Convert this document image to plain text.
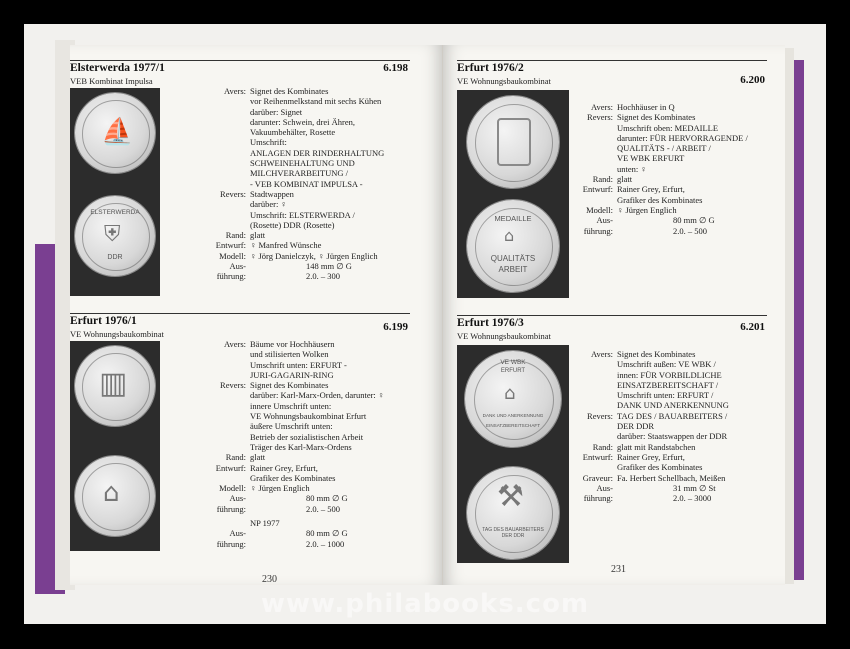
Elsterwerda 1977/1
VEB Kombinat Impulsa
6.198
⛵
ELSTERWERDA
⛨
DDR
Avers: Signet des Kombinates
vor Reihenmelkstand mit sechs Kühen
darüber: Signet
darunter: Schwein, drei Ähren,
Vakuumbehälter, Rosette
Umschrift:
ANLAGEN DER RINDERHALTUNG
SCHWEINEHALTUNG UND
MILCHVERARBEITUNG /
- VEB KOMBINAT IMPULSA -
Revers: Stadtwappen
darüber: ♀
Umschrift: ELSTERWERDA /
(Rosette) DDR (Rosette)
Rand: glatt
Entwurf: ♀ Manfred Wünsche
Modell: ♀ Jörg Danielczyk, ♀ Jürgen Englich
Aus-	148 mm ∅ G
führung:	2.0. – 300
Erfurt 1976/1
VE Wohnungsbaukombinat
6.199
▥
⌂
Avers: Bäume vor Hochhäusern
und stilisierten Wolken
Umschrift unten: ERFURT -
JURI-GAGARIN-RING
Revers: Signet des Kombinates
darüber: Karl-Marx-Orden, darunter: ♀
innere Umschrift unten:
VE Wohnungsbaukombinat Erfurt
äußere Umschrift unten:
Betrieb der sozialistischen Arbeit
Träger des Karl-Marx-Ordens
Rand: glatt
Entwurf: Rainer Grey, Erfurt,
Grafiker des Kombinates
Modell: ♀ Jürgen Englich
Aus-	80 mm ∅ G
führung:	2.0. – 500
NP 1977
Aus-	80 mm ∅ G
führung:	2.0. – 1000
230
Erfurt 1976/2
VE Wohnungsbaukombinat	6.200
MEDAILLE
⌂
QUALITÄTS
ARBEIT
Avers: Hochhäuser in Q
Revers: Signet des Kombinates
Umschrift oben: MEDAILLE
darunter: FÜR HERVORRAGENDE /
QUALITÄTS - / ARBEIT /
VE WBK ERFURT
unten: ♀
Rand: glatt
Entwurf: Rainer Grey, Erfurt,
Grafiker des Kombinates
Modell: ♀ Jürgen Englich
Aus-	80 mm ∅ G
führung:	2.0. – 500
Erfurt 1976/3
VE Wohnungsbaukombinat
6.201
VE WBK
ERFURT
⌂
DANK UND ANERKENNUNG
EINSATZBEREITSCHAFT
⚒
TAG DES BAUARBEITERS DER DDR
Avers: Signet des Kombinates
Umschrift außen: VE WBK /
innen: FÜR VORBILDLICHE
EINSATZBEREITSCHAFT /
Umschrift unten: ERFURT /
DANK UND ANERKENNUNG
Revers: TAG DES / BAUARBEITERS /
DER DDR
darüber: Staatswappen der DDR
Rand: glatt mit Randstabchen
Entwurf: Rainer Grey, Erfurt,
Grafiker des Kombinates
Graveur: Fa. Herbert Schellbach, Meißen
Aus-	31 mm ∅ St
führung:	2.0. – 3000
231
www.philabooks.com
